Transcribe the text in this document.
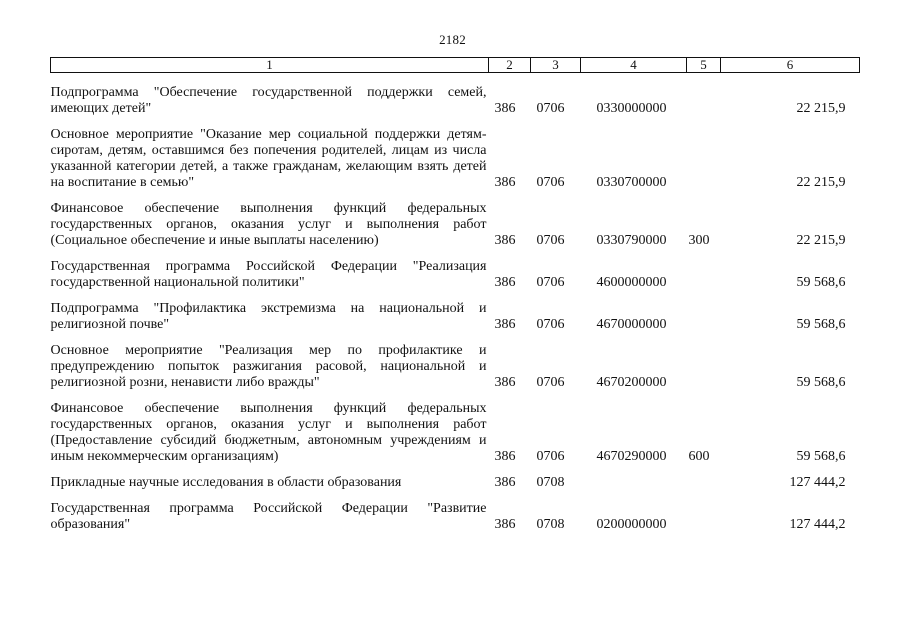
2182
1	2	3	4	5	6
Подпрограмма "Обеспечение государственной поддержки семей, имеющих детей"	386	0706	0330000000		22 215,9
Основное мероприятие "Оказание мер социальной поддержки детям-сиротам, детям, оставшимся без попечения родителей, лицам из числа указанной категории детей, а также гражданам, желающим взять детей на воспитание в семью"	386	0706	0330700000		22 215,9
Финансовое обеспечение выполнения функций федеральных государственных органов, оказания услуг и выполнения работ (Социальное обеспечение и иные выплаты населению)	386	0706	0330790000	300	22 215,9
Государственная программа Российской Федерации "Реализация государственной национальной политики"	386	0706	4600000000		59 568,6
Подпрограмма "Профилактика экстремизма на национальной и религиозной почве"	386	0706	4670000000		59 568,6
Основное мероприятие "Реализация мер по профилактике и предупреждению попыток разжигания расовой, национальной и религиозной розни, ненависти либо вражды"	386	0706	4670200000		59 568,6
Финансовое обеспечение выполнения функций федеральных государственных органов, оказания услуг и выполнения работ (Предоставление субсидий бюджетным, автономным учреждениям и иным некоммерческим организациям)	386	0706	4670290000	600	59 568,6
Прикладные научные исследования в области образования	386	0708			127 444,2
Государственная программа Российской Федерации "Развитие образования"	386	0708	0200000000		127 444,2
